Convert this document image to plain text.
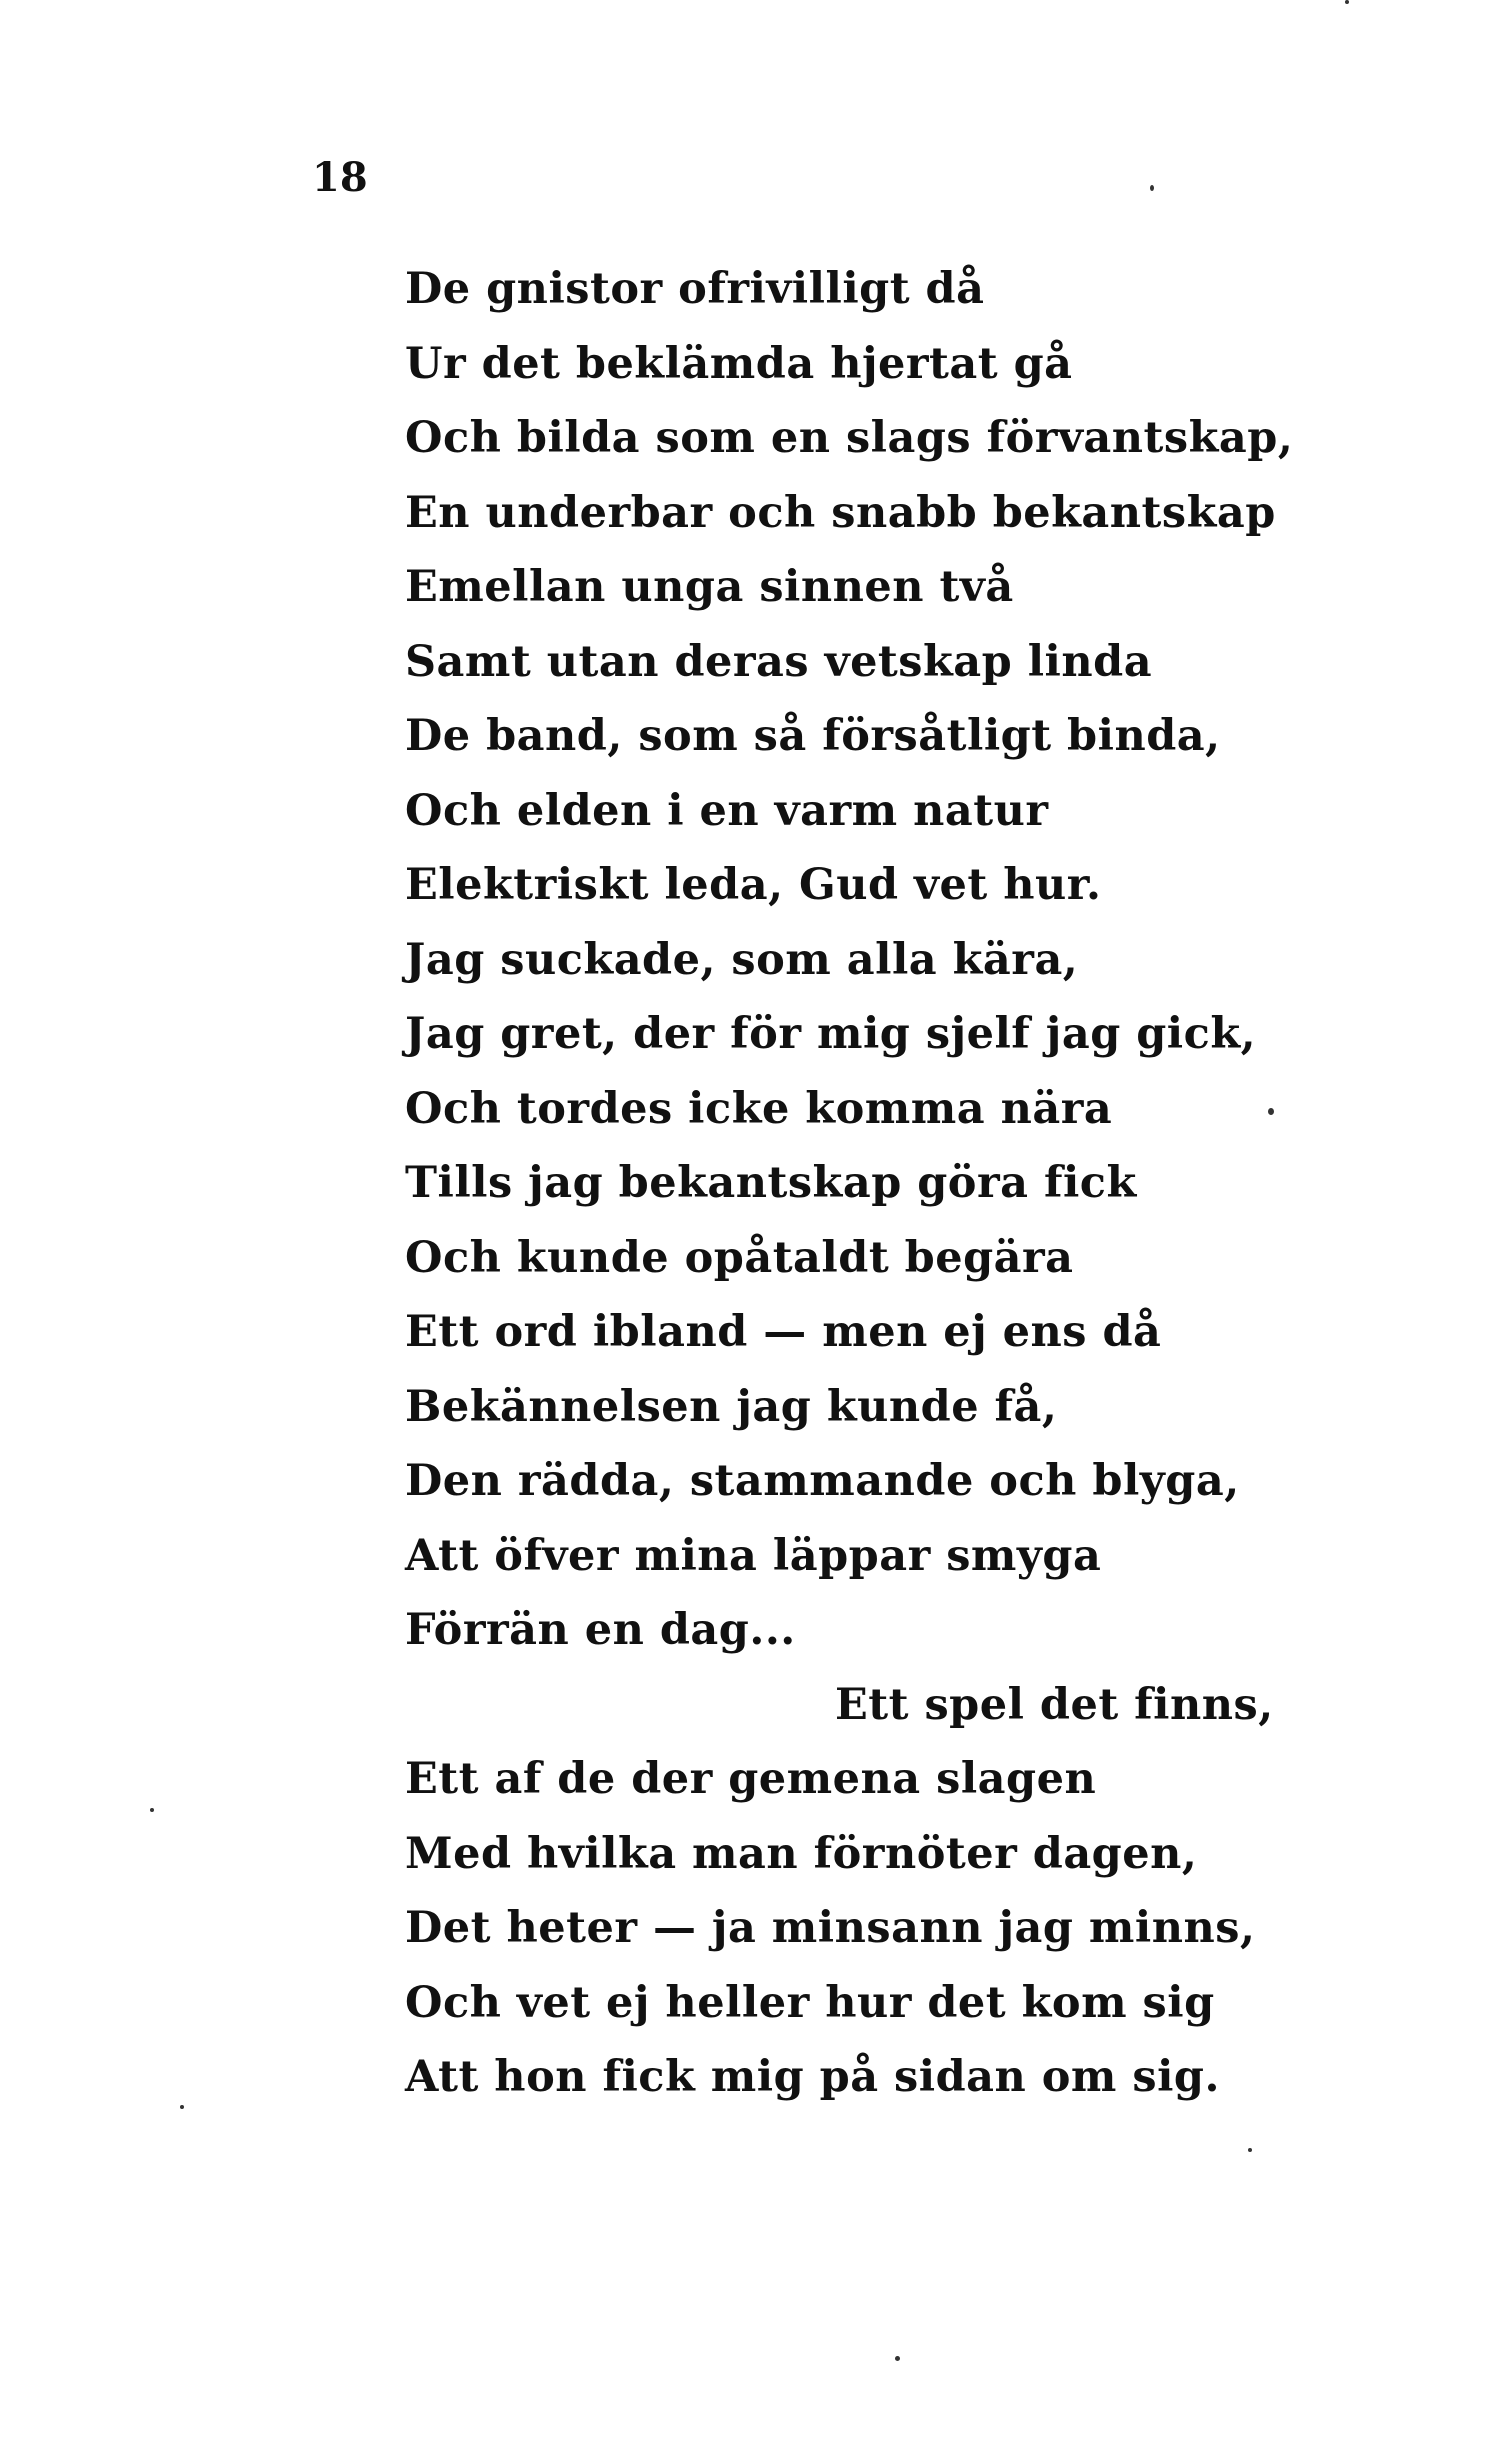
18
De gnistor ofrivilligt då
Ur det beklämda hjertat gå
Och bilda som en slags förvantskap,
En underbar och snabb bekantskap
Emellan unga sinnen två
Samt utan deras vetskap linda
De band, som så försåtligt binda,
Och elden i en varm natur
Elektriskt leda, Gud vet hur.
Jag suckade, som alla kära,
Jag gret, der för mig sjelf jag gick,
Och tordes icke komma nära
Tills jag bekantskap göra fick
Och kunde opåtaldt begära
Ett ord ibland — men ej ens då
Bekännelsen jag kunde få,
Den rädda, stammande och blyga,
Att öfver mina läppar smyga
Förrän en dag...
Ett spel det finns,
Ett af de der gemena slagen
Med hvilka man förnöter dagen,
Det heter — ja minsann jag minns,
Och vet ej heller hur det kom sig
Att hon fick mig på sidan om sig.
